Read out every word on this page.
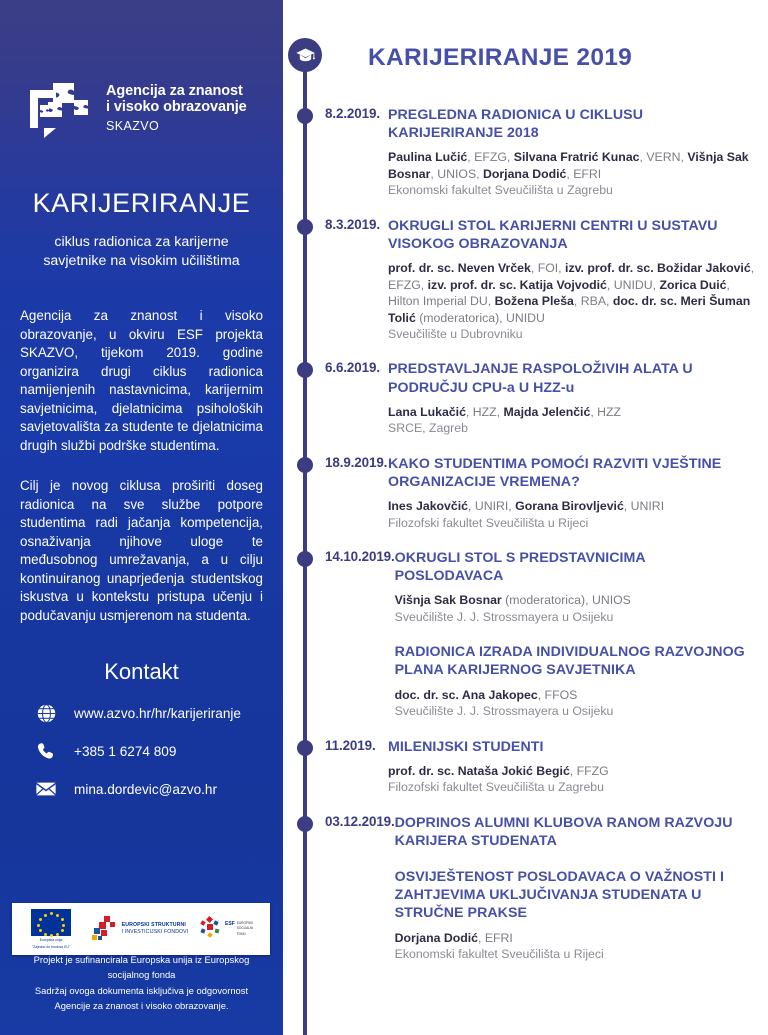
Agencija za znanost
i visoko obrazovanje
SKAZVO
KARIJERIRANJE

ciklus radionica za karijerne savjetnike na visokim učilištima

Agencija za znanost i visoko obrazovanje, u okviru ESF projekta SKAZVO, tijekom 2019. godine organizira drugi ciklus radionica namijenjenih nastavnicima, karijernim savjetnicima, djelatnicima psiholoških savjetovališta za studente te djelatnicima drugih službi podrške studentima.

Cilj je novog ciklusa proširiti doseg radionica na sve službe potpore studentima radi jačanja kompetencija, osnaživanja njihove uloge te međusobnog umrežavanja, a u cilju kontinuiranog unaprjeđenja studentskog iskustva u kontekstu pristupa učenju i podučavanju usmjerenom na studenta.

Kontakt
www.azvo.hr/hr/karijeriranje
+385 1 6274 809
mina.dordevic@azvo.hr
Europska unija
"Zajedno do fondova EU"
EUROPSKI STRUKTURNI
I INVESTICIJSKI FONDOVI
ESF EUROPSKI
SOCIJALNI
FOND
Projekt je sufinancirala Europska unija iz Europskog socijalnog fonda
Sadržaj ovoga dokumenta isključiva je odgovornost
Agencije za znanost i visoko obrazovanje.
KARIJERIRANJE 2019
8.2.2019. PREGLEDNA RADIONICA U CIKLUSU KARIJERIRANJE 2018
Paulina Lučić, EFZG, Silvana Fratrić Kunac, VERN, Višnja Sak Bosnar, UNIOS, Dorjana Dodić, EFRI
Ekonomski fakultet Sveučilišta u Zagrebu
8.3.2019. OKRUGLI STOL KARIJERNI CENTRI U SUSTAVU VISOKOG OBRAZOVANJA
prof. dr. sc. Neven Vrček, FOI, izv. prof. dr. sc. Božidar Jaković, EFZG, izv. prof. dr. sc. Katija Vojvodić, UNIDU, Zorica Duić, Hilton Imperial DU, Božena Pleša, RBA, doc. dr. sc. Meri Šuman Tolić (moderatorica), UNIDU
Sveučilište u Dubrovniku
6.6.2019. PREDSTAVLJANJE RASPOLOŽIVIH ALATA U PODRUČJU CPU-a U HZZ-u
Lana Lukačić, HZZ, Majda Jelenčić, HZZ
SRCE, Zagreb
18.9.2019. KAKO STUDENTIMA POMOĆI RAZVITI VJEŠTINE ORGANIZACIJE VREMENA?
Ines Jakovčić, UNIRI, Gorana Birovljević, UNIRI
Filozofski fakultet Sveučilišta u Rijeci
14.10.2019. OKRUGLI STOL S PREDSTAVNICIMA POSLODAVACA
Višnja Sak Bosnar (moderatorica), UNIOS
Sveučilište J. J. Strossmayera u Osijeku
RADIONICA IZRADA INDIVIDUALNOG RAZVOJNOG PLANA KARIJERNOG SAVJETNIKA
doc. dr. sc. Ana Jakopec, FFOS
Sveučilište J. J. Strossmayera u Osijeku
11.2019. MILENIJSKI STUDENTI
prof. dr. sc. Nataša Jokić Begić, FFZG
Filozofski fakultet Sveučilišta u Zagrebu
03.12.2019. DOPRINOS ALUMNI KLUBOVA RANOM RAZVOJU KARIJERA STUDENATA
OSVIJEŠTENOST POSLODAVACA O VAŽNOSTI I ZAHTJEVIMA UKLJUČIVANJA STUDENATA U STRUČNE PRAKSE
Dorjana Dodić, EFRI
Ekonomski fakultet Sveučilišta u Rijeci
